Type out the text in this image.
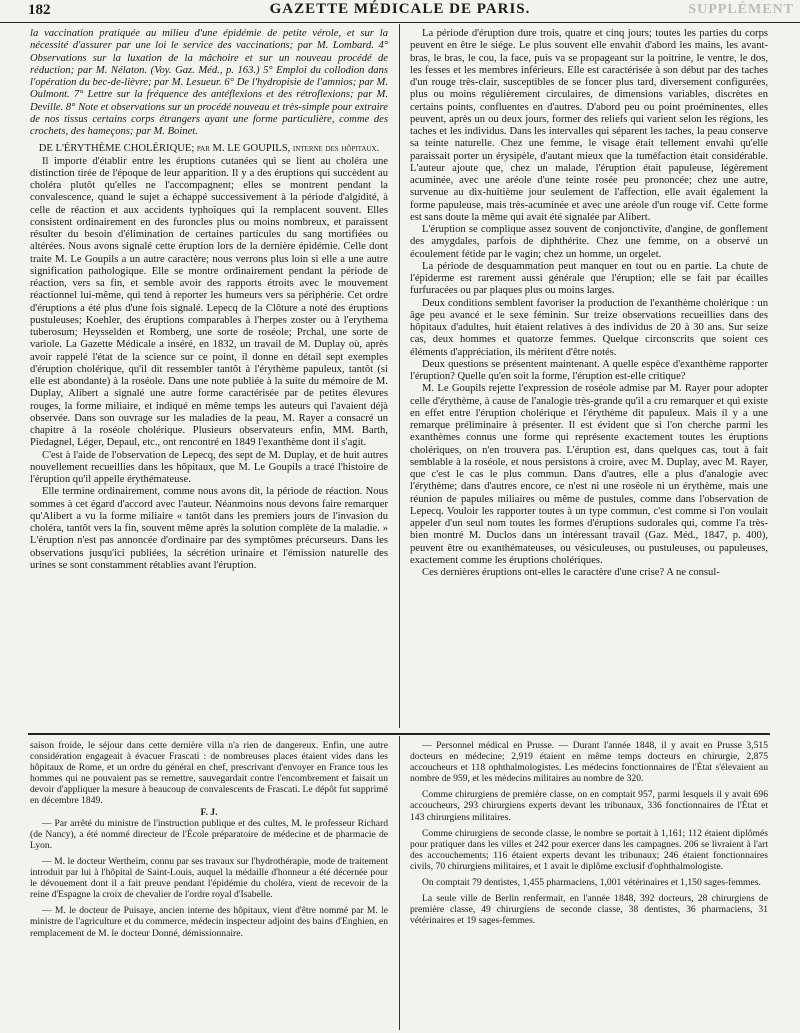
182	GAZETTE MÉDICALE DE PARIS.	SUPPLÉMENT

la vaccination pratiquée au milieu d'une épidémie de petite vérole, et sur la nécessité d'assurer par une loi le service des vaccinations; par M. Lombard. 4° Observations sur la luxation de la mâchoire et sur un nouveau procédé de réduction; par M. Nélaton. (Voy. Gaz. Méd., p. 163.) 5° Emploi du collodion dans l'opération du bec-de-lièvre; par M. Lesueur. 6° De l'hydropisie de l'amnios; par M. Oulmont. 7° Lettre sur la fréquence des antéflexions et des rétroflexions; par M. Deville. 8° Note et observations sur un procédé nouveau et très-simple pour extraire de nos tissus certains corps étrangers ayant une forme particulière, comme des crochets, des hameçons; par M. Boinet.

DE L'ÉRYTHÈME CHOLÉRIQUE; par M. LE GOUPILS, interne des hôpitaux.

Il importe d'établir entre les éruptions cutanées qui se lient au choléra une distinction tirée de l'époque de leur apparition. Il y a des éruptions qui succèdent au choléra plutôt qu'elles ne l'accompagnent; elles se montrent pendant la convalescence, quand le sujet a échappé successivement à la période d'algidité, à celle de réaction et aux accidents typhoïques qui la remplacent souvent. Elles consistent ordinairement en des furoncles plus ou moins nombreux, et paraissent résulter du besoin d'élimination de certaines particules du sang mortifiées ou altérées. Nous avons signalé cette éruption lors de la dernière épidémie. Celle dont traite M. Le Goupils a un autre caractère; nous verrons plus loin si elle a une autre signification pathologique. Elle se montre ordinairement pendant la période de réaction, vers sa fin, et semble avoir des rapports étroits avec le mouvement réactionnel lui-même, qui tend à reporter les humeurs vers sa périphérie. Cet ordre d'éruptions a été plus d'une fois signalé. Lepecq de la Clôture a noté des éruptions pustuleuses; Koehler, des éruptions comparables à l'herpes zoster ou à l'erythema tuberosum; Heysselden et Romberg, une sorte de roséole; Prchal, une sorte de variole. La Gazette Médicale a inséré, en 1832, un travail de M. Duplay où, après avoir rappelé l'état de la science sur ce point, il donne en détail sept exemples d'éruption cholérique, qu'il dit ressembler tantôt à l'érythème papuleux, tantôt (si elle est abondante) à la roséole. Dans une note publiée à la suite du mémoire de M. Duplay, Alibert a signalé une autre forme caractérisée par de petites élevures rouges, la forme miliaire, et indiqué en même temps les auteurs qui l'avaient déjà observée. Dans son ouvrage sur les maladies de la peau, M. Rayer a consacré un chapitre à la roséole cholérique. Plusieurs observateurs enfin, MM. Barth, Piedagnel, Léger, Depaul, etc., ont rencontré en 1849 l'exanthème dont il s'agit.

C'est à l'aide de l'observation de Lepecq, des sept de M. Duplay, et de huit autres nouvellement recueillies dans les hôpitaux, que M. Le Goupils a tracé l'histoire de l'éruption qu'il appelle érythémateuse.

Elle termine ordinairement, comme nous avons dit, la période de réaction. Nous sommes à cet égard d'accord avec l'auteur. Néanmoins nous devons faire remarquer qu'Alibert a vu la forme miliaire « tantôt dans les premiers jours de l'invasion du choléra, tantôt vers la fin, souvent même après la solution complète de la maladie. » L'éruption n'est pas annoncée d'ordinaire par des symptômes précurseurs. Dans les observations jusqu'ici publiées, la sécrétion urinaire et l'émission naturelle des urines se sont constamment rétablies avant l'éruption.

La période d'éruption dure trois, quatre et cinq jours; toutes les parties du corps peuvent en être le siége. Le plus souvent elle envahit d'abord les mains, les avant-bras, le bras, le cou, la face, puis va se propageant sur la poitrine, le ventre, le dos, les fesses et les membres inférieurs. Elle est caractérisée à son début par des taches d'un rouge très-clair, susceptibles de se foncer plus tard, diversement configurées, plus ou moins régulièrement circulaires, de dimensions variables, discrètes en certains points, confluentes en d'autres. D'abord peu ou point proéminentes, elles peuvent, après un ou deux jours, former des reliefs qui varient selon les régions, les taches et les individus. Dans les intervalles qui séparent les taches, la peau conserve sa teinte naturelle. Chez une femme, le visage était tellement envahi qu'elle paraissait porter un érysipèle, d'autant mieux que la tuméfaction était considérable. L'auteur ajoute que, chez un malade, l'éruption était papuleuse, légèrement acuminée, avec une aréole d'une teinte rosée peu prononcée; chez une autre, survenue au dix-huitième jour seulement de l'affection, elle avait également la forme papuleuse, mais très-acuminée et avec une aréole d'un rouge vif. Cette forme est sans doute la même qui avait été signalée par Alibert.

L'éruption se complique assez souvent de conjonctivite, d'angine, de gonflement des amygdales, parfois de diphthérite. Chez une femme, on a observé un écoulement fétide par le vagin; chez un homme, un orgelet.

La période de desquammation peut manquer en tout ou en partie. La chute de l'épiderme est rarement aussi générale que l'éruption; elle se fait par écailles furfuracées ou par plaques plus ou moins larges.

Deux conditions semblent favoriser la production de l'exanthème cholérique : un âge peu avancé et le sexe féminin. Sur treize observations recueillies dans des hôpitaux d'adultes, huit étaient relatives à des individus de 20 à 30 ans. Sur seize cas, deux hommes et quatorze femmes. Quelque circonscrits que soient ces éléments d'appréciation, ils méritent d'être notés.

Deux questions se présentent maintenant. A quelle espèce d'exanthème rapporter l'éruption? Quelle qu'en soit la forme, l'éruption est-elle critique?

M. Le Goupils rejette l'expression de roséole admise par M. Rayer pour adopter celle d'érythème, à cause de l'analogie très-grande qu'il a cru remarquer et qui existe en effet entre l'éruption cholérique et l'érythème dit papuleux. Mais il y a une remarque préliminaire à présenter. Il est évident que si l'on cherche parmi les exanthèmes connus une forme qui représente exactement toutes les éruptions cholériques, on n'en trouvera pas. L'éruption est, dans quelques cas, tout à fait semblable à la roséole, et nous persistons à croire, avec M. Duplay, avec M. Rayer, que c'est le cas le plus commun. Dans d'autres, elle a plus d'analogie avec l'érythème; dans d'autres encore, ce n'est ni une roséole ni un érythème, mais une réunion de papules miliaires ou même de pustules, comme dans l'observation de Lepecq. Vouloir les rapporter toutes à un type commun, c'est comme si l'on voulait appeler d'un seul nom toutes les formes d'éruptions sudorales qui, comme l'a très-bien montré M. Duclos dans un intéressant travail (Gaz. Méd., 1847, p. 400), peuvent être ou exanthémateuses, ou vésiculeuses, ou pustuleuses, ou papuleuses, exactement comme les éruptions cholériques.

Ces dernières éruptions ont-elles le caractère d'une crise? A ne consul-

saison froide, le séjour dans cette dernière villa n'a rien de dangereux. Enfin, une autre considération engageait à évacuer Frascati : de nombreuses places étaient vides dans les hôpitaux de Rome, et un ordre du général en chef, prescrivant d'envoyer en France tous les hommes qui ne pouvaient pas se remettre, sauvegardait contre l'encombrement et faisait un devoir d'appliquer la mesure à beaucoup de convalescents de Frascati. Le dépôt fut supprimé en décembre 1849.

F. J.

— Par arrêté du ministre de l'instruction publique et des cultes, M. le professeur Richard (de Nancy), a été nommé directeur de l'École préparatoire de médecine et de pharmacie de Lyon.

— M. le docteur Wertheim, connu par ses travaux sur l'hydrothérapie, mode de traitement introduit par lui à l'hôpital de Saint-Louis, auquel la médaille d'honneur a été décernée pour le dévouement dont il a fait preuve pendant l'épidémie du choléra, vient de recevoir de la reine d'Espagne la croix de chevalier de l'ordre royal d'Isabelle.

— M. le docteur de Puisaye, ancien interne des hôpitaux, vient d'être nommé par M. le ministre de l'agriculture et du commerce, médecin inspecteur adjoint des bains d'Enghien, en remplacement de M. le docteur Donné, démissionnaire.

— Personnel médical en Prusse. — Durant l'année 1848, il y avait en Prusse 3,515 docteurs en médecine; 2,919 étaient en même temps docteurs en chirurgie, 2,875 accoucheurs et 118 ophthalmologistes. Les médecins fonctionnaires de l'État s'élevaient au nombre de 959, et les médecins militaires au nombre de 320.

Comme chirurgiens de première classe, on en comptait 957, parmi lesquels il y avait 696 accoucheurs, 293 chirurgiens experts devant les tribunaux, 336 fonctionnaires de l'État et 143 chirurgiens militaires.

Comme chirurgiens de seconde classe, le nombre se portait à 1,161; 112 étaient diplômés pour pratiquer dans les villes et 242 pour exercer dans les campagnes. 206 se livraient à l'art des accouchements; 116 étaient experts devant les tribunaux; 246 étaient fonctionnaires civils, 70 chirurgiens militaires, et 1 avait le diplôme exclusif d'ophthalmologiste.

On comptait 79 dentistes, 1,455 pharmaciens, 1,001 vétérinaires et 1,150 sages-femmes.

La seule ville de Berlin renfermait, en l'année 1848, 392 docteurs, 28 chirurgiens de première classe, 49 chirurgiens de seconde classe, 38 dentistes, 36 pharmaciens, 31 vétérinaires et 19 sages-femmes.
